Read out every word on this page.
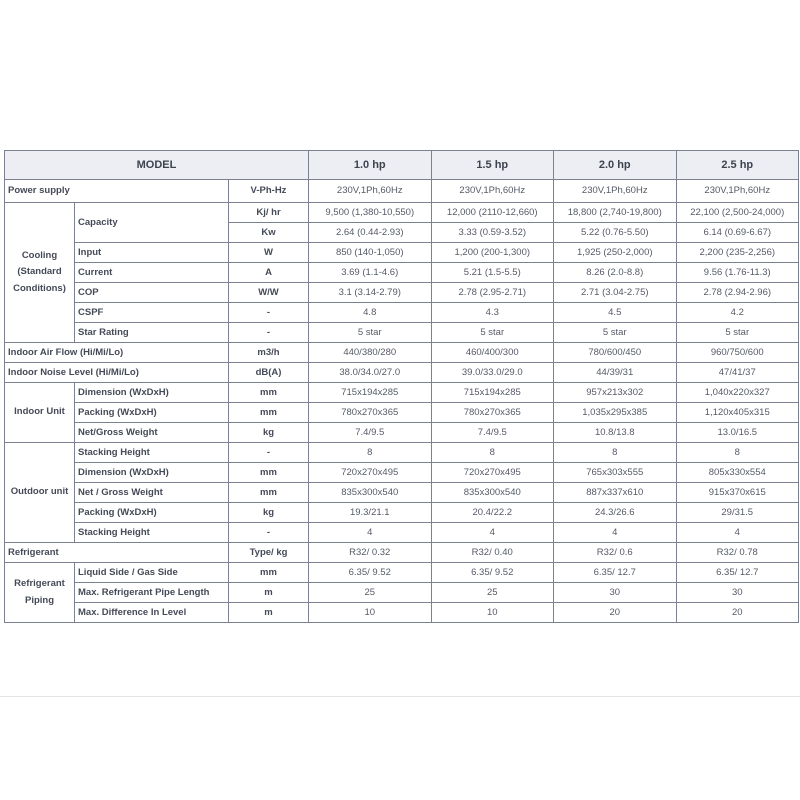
MODEL			1.0 hp	1.5 hp	2.0 hp	2.5 hp
Power supply		V-Ph-Hz	230V,1Ph,60Hz	230V,1Ph,60Hz	230V,1Ph,60Hz	230V,1Ph,60Hz
Cooling (Standard Conditions)	Capacity	Kj/ hr	9,500 (1,380-10,550)	12,000 (2110-12,660)	18,800 (2,740-19,800)	22,100 (2,500-24,000)
		Kw	2.64 (0.44-2.93)	3.33 (0.59-3.52)	5.22 (0.76-5.50)	6.14 (0.69-6.67)
	Input	W	850 (140-1,050)	1,200 (200-1,300)	1,925 (250-2,000)	2,200 (235-2,256)
	Current	A	3.69 (1.1-4.6)	5.21 (1.5-5.5)	8.26 (2.0-8.8)	9.56 (1.76-11.3)
	COP	W/W	3.1 (3.14-2.79)	2.78 (2.95-2.71)	2.71 (3.04-2.75)	2.78 (2.94-2.96)
	CSPF	-	4.8	4.3	4.5	4.2
	Star Rating	-	5 star	5 star	5 star	5 star
Indoor Air Flow (Hi/Mi/Lo)		m3/h	440/380/280	460/400/300	780/600/450	960/750/600
Indoor Noise Level (Hi/Mi/Lo)		dB(A)	38.0/34.0/27.0	39.0/33.0/29.0	44/39/31	47/41/37
Indoor Unit	Dimension (WxDxH)	mm	715x194x285	715x194x285	957x213x302	1,040x220x327
	Packing (WxDxH)	mm	780x270x365	780x270x365	1,035x295x385	1,120x405x315
	Net/Gross Weight	kg	7.4/9.5	7.4/9.5	10.8/13.8	13.0/16.5
Outdoor unit	Stacking Height	-	8	8	8	8
	Dimension (WxDxH)	mm	720x270x495	720x270x495	765x303x555	805x330x554
	Net / Gross Weight	mm	835x300x540	835x300x540	887x337x610	915x370x615
	Packing (WxDxH)	kg	19.3/21.1	20.4/22.2	24.3/26.6	29/31.5
	Stacking Height	-	4	4	4	4
Refrigerant		Type/ kg	R32/ 0.32	R32/ 0.40	R32/ 0.6	R32/ 0.78
Refrigerant Piping	Liquid Side / Gas Side	mm	6.35/ 9.52	6.35/ 9.52	6.35/ 12.7	6.35/ 12.7
	Max. Refrigerant Pipe Length	m	25	25	30	30
	Max. Difference In Level	m	10	10	20	20
